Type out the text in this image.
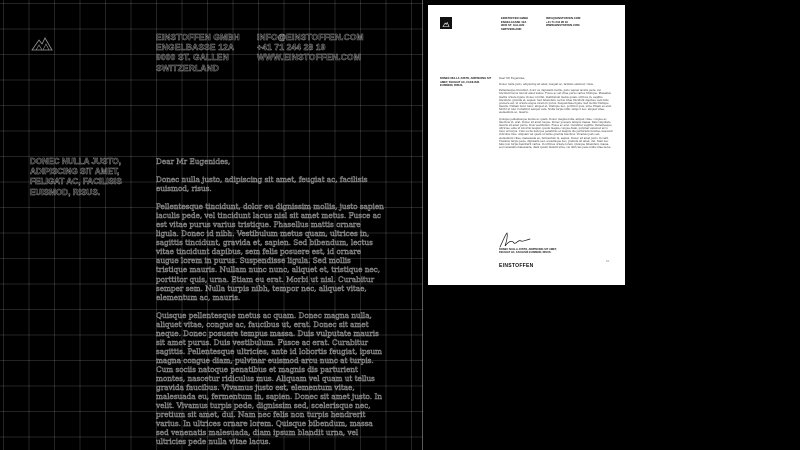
EINSTOFFEN GMBH
ENGELBASSE 12A
9000 ST. GALLEN
SWITZERLAND
INFO@EINSTOFFEN.COM
+41 71 244 28 19
WWW.EINSTOFFEN.COM
DONEC NULLA JUSTO, ADIPISCING SIT AMET, FELIGAT AC, FACILISIS EUISMOD, RISUS.

Dear Mr Eugenides,

Donec nulla justo, adipiscing sit amet, feugiat ac, facilisis euismod, risus.

Pellentesque tincidunt, dolor eu dignissim mollis, justo sapien iaculis pede, vel tincidunt lacus nisl sit amet metus. Fusce ac est vitae purus varius tristique. Phasellus mattis ornare ligula. Donec id nibh. Vestibulum metus quam, ultrices in, sagittis tincidunt, gravida et, sapien. Sed bibendum, lectus vitae tincidunt dapibus, sem felis posuere est, id ornare augue lorem in purus. Suspendisse ligula. Sed mollis tristique mauris. Nullam nunc nunc, aliquet et, tristique nec, porttitor quis, urna. Etiam eu erat. Morbi ut nisl. Curabitur semper sem. Nulla turpis nibh, tempor nec, aliquet vitae, elementum ac, mauris.

Quisque pellentesque metus ac quam. Donec magna nulla, aliquet vitae, congue ac, faucibus ut, erat. Donec sit amet neque. Donec posuere tempus massa. Duis vulputate mauris sit amet purus. Duis vestibulum. Fusce ac erat. Curabitur sagittis. Pellentesque ultricies, ante id lobortis feugiat, ipsum magna congue diam, pulvinar euismod arcu nunc at turpis. Cum sociis natoque penatibus et magnis dis parturient montes, nascetur ridiculus mus. Aliquam vel quam ut tellus gravida faucibus. Vivamus justo est, elementum vitae, malesuada eu, fermentum in, sapien. Donec sit amet justo. In velit. Vivamus turpis pede, dignissim sed, scelerisque nec, pretium sit amet, dui. Nam nec felis non turpis hendrerit varius. In ultrices ornare lorem. Quisque bibendum, massa sed venenatis malesuada, diam ipsum blandit urna, vel ultricies pede nulla vitae lacus.

EINSTOFFEN GMBH
ENGELGASSE 12A
9000 ST. GALLEN
SWITZERLAND
INFO@EINSTOFFEN.COM
+41 71 244 28 19
WWW.EINSTOFFEN.COM
DONEC NULLA JUSTO, ADIPISCING SIT AMET, FEUGIAT AC, FACILISIS EUISMOD, RISUS.

Dear Mr Eugenides,

Donec nulla justo, adipiscing sit amet, feugiat ac, facilisis euismod, risus.

Pellentesque tincidunt, dolor eu dignissim mollis, justo sapien iaculis pede, vel tincidunt lacus nisl sit amet metus. Fusce ac est vitae purus varius tristique. Phasellus mattis ornare ligula. Donec id nibh. Vestibulum metus quam, ultrices in, sagittis tincidunt, gravida et, sapien. Sed bibendum, lectus vitae tincidunt dapibus, sem felis posuere est, id ornare augue lorem in purus. Suspendisse ligula. Sed mollis tristique mauris. Nullam nunc nunc, aliquet et, tristique nec, porttitor quis, urna. Etiam eu erat. Morbi ut nisl. Curabitur semper sem. Nulla turpis nibh, tempor nec, aliquet vitae, elementum ac, mauris.

Quisque pellentesque metus ac quam. Donec magna nulla, aliquet vitae, congue ac, faucibus ut, erat. Donec sit amet neque. Donec posuere tempus massa. Duis vulputate mauris sit amet purus. Duis vestibulum. Fusce ac erat. Curabitur sagittis. Pellentesque ultricies, ante id lobortis feugiat, ipsum magna congue diam, pulvinar euismod arcu nunc at turpis. Cum sociis natoque penatibus et magnis dis parturient montes, nascetur ridiculus mus. Aliquam vel quam ut tellus gravida faucibus. Vivamus justo est, elementum vitae, malesuada eu, fermentum in, sapien. Donec sit amet justo. In velit. Vivamus turpis pede, dignissim sed, scelerisque nec, pretium sit amet, dui. Nam nec felis non turpis hendrerit varius. In ultrices ornare lorem. Quisque bibendum, massa sed venenatis malesuada, diam ipsum blandit urna, vel ultricies pede nulla vitae lacus.

DONEC NULLA JUSTO, ADIPISCING SIT AMET, FEUGIAT AC, FACILISIS EUISMOD, RISUS.
EINSTOFFEN
1/1
